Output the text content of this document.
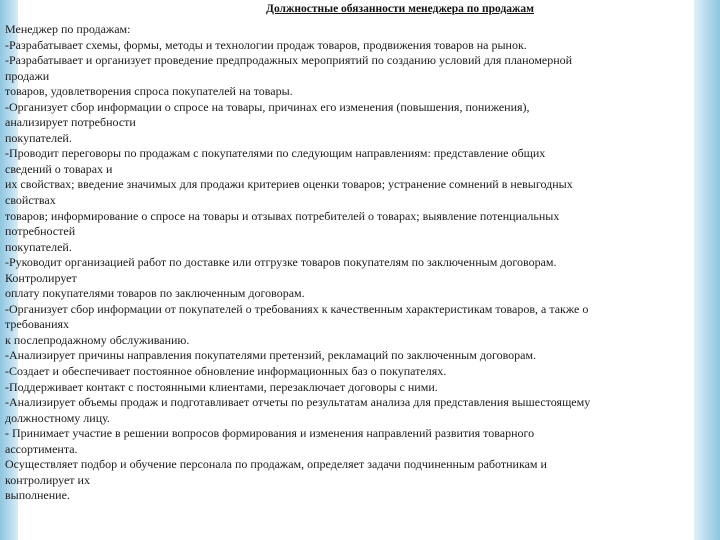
Должностные обязанности менеджера по продажам
Менеджер по продажам:
-Разрабатывает схемы, формы, методы и технологии продаж товаров, продвижения товаров на рынок.
-Разрабатывает и организует проведение предпродажных мероприятий по созданию условий для планомерной
продажи
товаров, удовлетворения спроса покупателей на товары.
-Организует сбор информации о спросе на товары, причинах его изменения (повышения, понижения),
анализирует потребности
покупателей.
-Проводит переговоры по продажам с покупателями по следующим направлениям: представление общих
сведений о товарах и
их свойствах; введение значимых для продажи критериев оценки товаров; устранение сомнений в невыгодных
свойствах
товаров; информирование о спросе на товары и отзывах потребителей о товарах; выявление потенциальных
потребностей
покупателей.
-Руководит организацией работ по доставке или отгрузке товаров покупателям по заключенным договорам.
Контролирует
оплату покупателями товаров по заключенным договорам.
-Организует сбор информации от покупателей о требованиях к качественным характеристикам товаров, а также о
требованиях
к послепродажному обслуживанию.
-Анализирует причины направления покупателями претензий, рекламаций по заключенным договорам.
-Создает и обеспечивает постоянное обновление информационных баз о покупателях.
-Поддерживает контакт с постоянными клиентами, перезаключает договоры с ними.
-Анализирует объемы продаж и подготавливает отчеты по результатам анализа для представления вышестоящему
должностному лицу.
- Принимает участие в решении вопросов формирования и изменения направлений развития товарного
ассортимента.
Осуществляет подбор и обучение персонала по продажам, определяет задачи подчиненным работникам и
контролирует их
выполнение.
